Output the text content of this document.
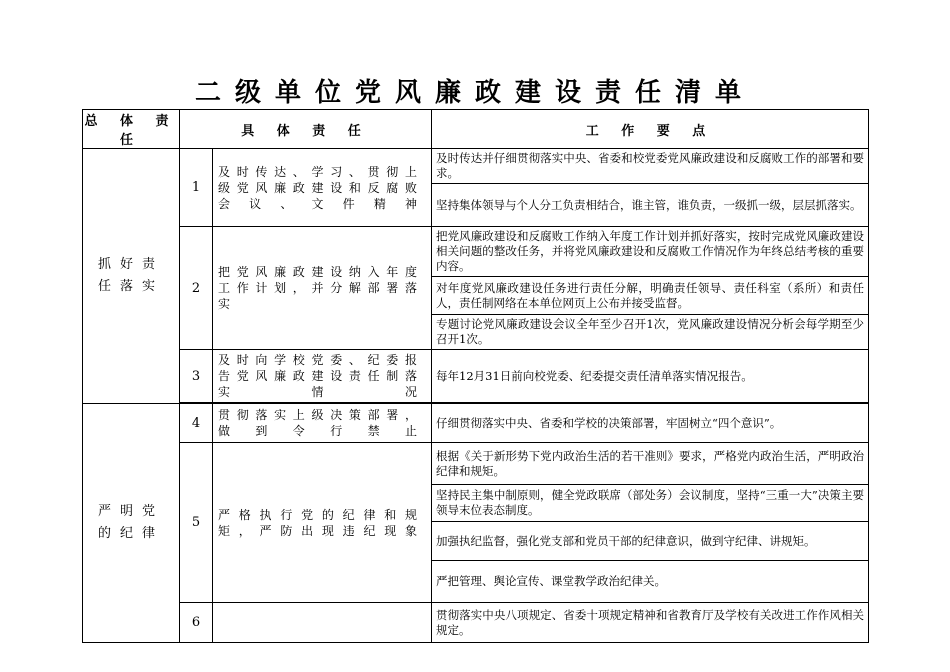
二级单位党风廉政建设责任清单
总 体 责 任	具 体 责 任		工 作 要 点
抓好责任落实	1	及时传达、学习、贯彻上级党风廉政建设和反腐败会议、文件精神	及时传达并仔细贯彻落实中央、省委和校党委党风廉政建设和反腐败工作的部署和要求。
			坚持集体领导与个人分工负责相结合，谁主管，谁负责，一级抓一级，层层抓落实。
	2	把党风廉政建设纳入年度工作计划，并分解部署落实	把党风廉政建设和反腐败工作纳入年度工作计划并抓好落实，按时完成党风廉政建设相关问题的整改任务，并将党风廉政建设和反腐败工作情况作为年终总结考核的重要内容。
			对年度党风廉政建设任务进行责任分解，明确责任领导、责任科室（系所）和责任人，责任制网络在本单位网页上公布并接受监督。
			专题讨论党风廉政建设会议全年至少召开1次，党风廉政建设情况分析会每学期至少召开1次。
	3	及时向学校党委、纪委报告党风廉政建设责任制落实情况	每年12月31日前向校党委、纪委提交责任清单落实情况报告。

严明党的纪律	4	贯彻落实上级决策部署，做到令行禁止	仔细贯彻落实中央、省委和学校的决策部署，牢固树立“四个意识”。
	5	严格执行党的纪律和规矩，严防出现违纪现象	根据《关于新形势下党内政治生活的若干准则》要求，严格党内政治生活，严明政治纪律和规矩。
			坚持民主集中制原则，健全党政联席（部处务）会议制度，坚持“三重一大”决策主要领导末位表态制度。
			加强执纪监督，强化党支部和党员干部的纪律意识，做到守纪律、讲规矩。
			严把管理、舆论宣传、课堂教学政治纪律关。
	6		贯彻落实中央八项规定、省委十项规定精神和省教育厅及学校有关改进工作作风相关规定。
